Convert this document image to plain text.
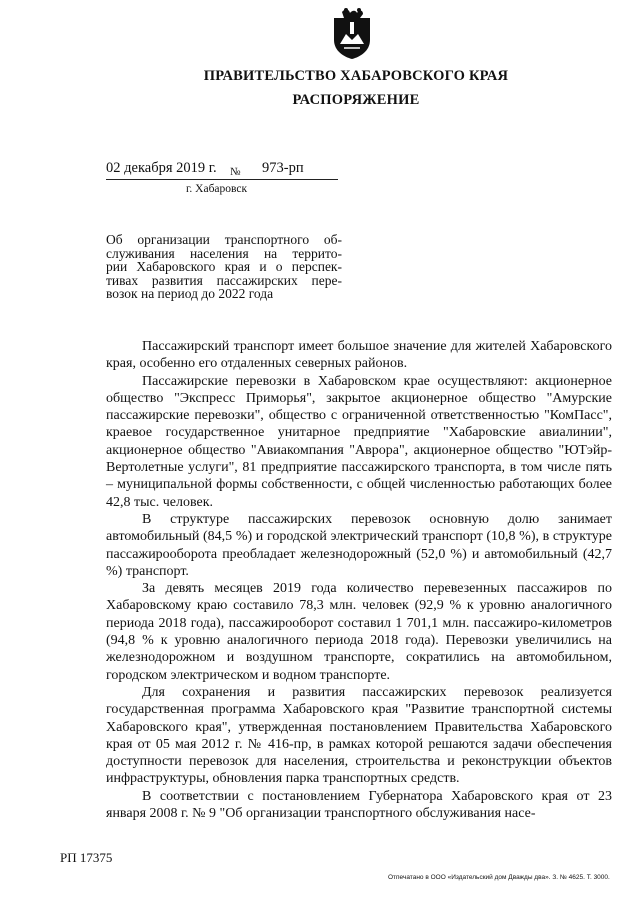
ПРАВИТЕЛЬСТВО ХАБАРОВСКОГО КРАЯ
РАСПОРЯЖЕНИЕ
02 декабря 2019 г. № 973-рп
г. Хабаровск
Об организации транспортного об-
служивания населения на террито-
рии Хабаровского края и о перспек-
тивах развития пассажирских пере-
возок на период до 2022 года

Пассажирский транспорт имеет большое значение для жителей Хабаровского края, особенно его отдаленных северных районов.

Пассажирские перевозки в Хабаровском крае осуществляют: акционерное общество "Экспресс Приморья", закрытое акционерное общество "Амурские пассажирские перевозки", общество с ограниченной ответственностью "КомПасс", краевое государственное унитарное предприятие "Хабаровские авиалинии", акционерное общество "Авиакомпания "Аврора", акционерное общество "ЮТэйр-Вертолетные услуги", 81 предприятие пассажирского транспорта, в том числе пять – муниципальной формы собственности, с общей численностью работающих более 42,8 тыс. человек.

В структуре пассажирских перевозок основную долю занимает автомобильный (84,5 %) и городской электрический транспорт (10,8 %), в структуре пассажирооборота преобладает железнодорожный (52,0 %) и автомобильный (42,7 %) транспорт.

За девять месяцев 2019 года количество перевезенных пассажиров по Хабаровскому краю составило 78,3 млн. человек (92,9 % к уровню аналогичного периода 2018 года), пассажирооборот составил 1 701,1 млн. пассажиро-километров (94,8 % к уровню аналогичного периода 2018 года). Перевозки увеличились на железнодорожном и воздушном транспорте, сократились на автомобильном, городском электрическом и водном транспорте.

Для сохранения и развития пассажирских перевозок реализуется государственная программа Хабаровского края "Развитие транспортной системы Хабаровского края", утвержденная постановлением Правительства Хабаровского края от 05 мая 2012 г. № 416-пр, в рамках которой решаются задачи обеспечения доступности перевозок для населения, строительства и реконструкции объектов инфраструктуры, обновления парка транспортных средств.

В соответствии с постановлением Губернатора Хабаровского края от 23 января 2008 г. № 9 "Об организации транспортного обслуживания насе-

РП 17375
Отпечатано в ООО «Издательский дом Дважды два». З. № 4625. Т. 3000.
